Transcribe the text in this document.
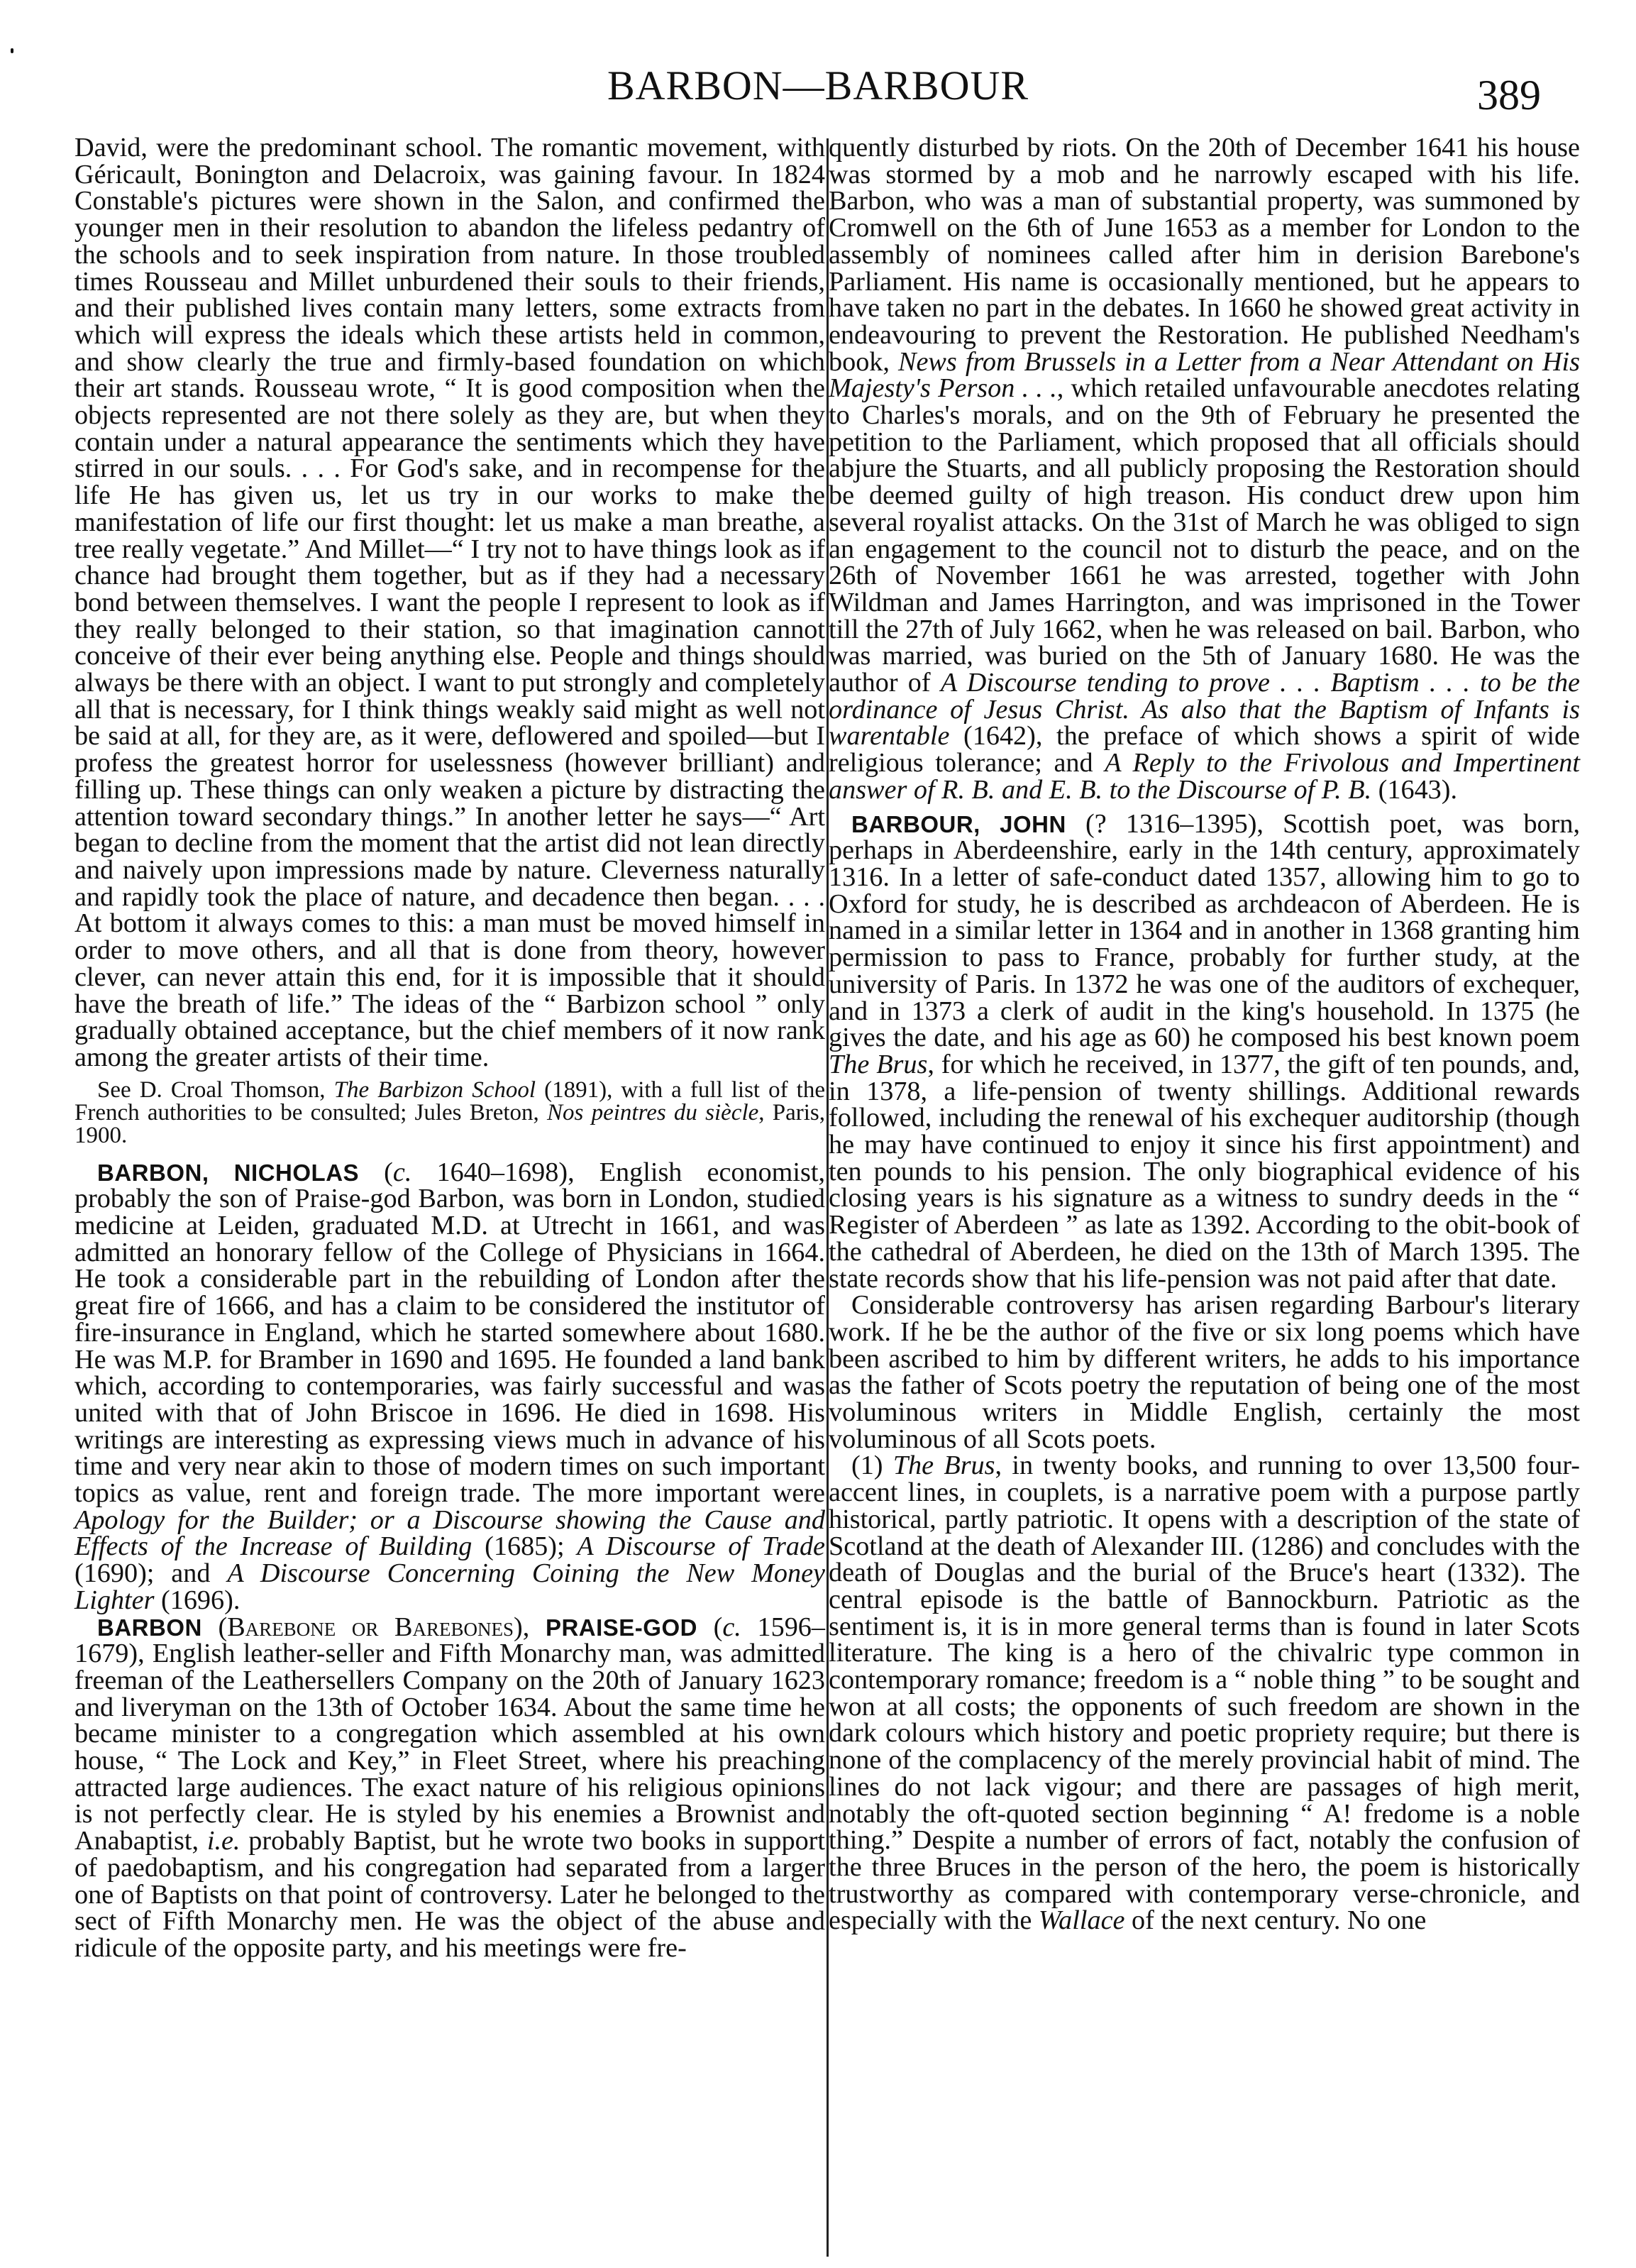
BARBON—BARBOUR	389

David, were the predominant school. The romantic movement, with Géricault, Bonington and Delacroix, was gaining favour. In 1824 Constable's pictures were shown in the Salon, and confirmed the younger men in their resolution to abandon the lifeless pedantry of the schools and to seek inspiration from nature. In those troubled times Rousseau and Millet unburdened their souls to their friends, and their published lives contain many letters, some extracts from which will express the ideals which these artists held in common, and show clearly the true and firmly-based foundation on which their art stands. Rousseau wrote, “ It is good composition when the objects represented are not there solely as they are, but when they contain under a natural appearance the sentiments which they have stirred in our souls. . . . For God's sake, and in recompense for the life He has given us, let us try in our works to make the manifestation of life our first thought: let us make a man breathe, a tree really vegetate.” And Millet—“ I try not to have things look as if chance had brought them together, but as if they had a necessary bond between themselves. I want the people I represent to look as if they really belonged to their station, so that imagination cannot conceive of their ever being anything else. People and things should always be there with an object. I want to put strongly and completely all that is necessary, for I think things weakly said might as well not be said at all, for they are, as it were, deflowered and spoiled—but I profess the greatest horror for uselessness (however brilliant) and filling up. These things can only weaken a picture by distracting the attention toward secondary things.” In another letter he says—“ Art began to decline from the moment that the artist did not lean directly and naively upon impressions made by nature. Cleverness naturally and rapidly took the place of nature, and decadence then began. . . . At bottom it always comes to this: a man must be moved himself in order to move others, and all that is done from theory, however clever, can never attain this end, for it is impossible that it should have the breath of life.” The ideas of the “ Barbizon school ” only gradually obtained acceptance, but the chief members of it now rank among the greater artists of their time.

See D. Croal Thomson, The Barbizon School (1891), with a full list of the French authorities to be consulted; Jules Breton, Nos peintres du siècle, Paris, 1900.

BARBON, NICHOLAS (c. 1640–1698), English economist, probably the son of Praise-god Barbon, was born in London, studied medicine at Leiden, graduated M.D. at Utrecht in 1661, and was admitted an honorary fellow of the College of Physicians in 1664. He took a considerable part in the rebuilding of London after the great fire of 1666, and has a claim to be considered the institutor of fire-insurance in England, which he started somewhere about 1680. He was M.P. for Bramber in 1690 and 1695. He founded a land bank which, according to contemporaries, was fairly successful and was united with that of John Briscoe in 1696. He died in 1698. His writings are interesting as expressing views much in advance of his time and very near akin to those of modern times on such important topics as value, rent and foreign trade. The more important were Apology for the Builder; or a Discourse showing the Cause and Effects of the Increase of Building (1685); A Discourse of Trade (1690); and A Discourse Concerning Coining the New Money Lighter (1696).

BARBON (Barebone or Barebones), PRAISE-GOD (c. 1596–1679), English leather-seller and Fifth Monarchy man, was admitted freeman of the Leathersellers Company on the 20th of January 1623 and liveryman on the 13th of October 1634. About the same time he became minister to a congregation which assembled at his own house, “ The Lock and Key,” in Fleet Street, where his preaching attracted large audiences. The exact nature of his religious opinions is not perfectly clear. He is styled by his enemies a Brownist and Anabaptist, i.e. probably Baptist, but he wrote two books in support of paedobaptism, and his congregation had separated from a larger one of Baptists on that point of controversy. Later he belonged to the sect of Fifth Monarchy men. He was the object of the abuse and ridicule of the opposite party, and his meetings were fre-

quently disturbed by riots. On the 20th of December 1641 his house was stormed by a mob and he narrowly escaped with his life. Barbon, who was a man of substantial property, was summoned by Cromwell on the 6th of June 1653 as a member for London to the assembly of nominees called after him in derision Barebone's Parliament. His name is occasionally mentioned, but he appears to have taken no part in the debates. In 1660 he showed great activity in endeavouring to prevent the Restoration. He published Needham's book, News from Brussels in a Letter from a Near Attendant on His Majesty's Person . . ., which retailed unfavourable anecdotes relating to Charles's morals, and on the 9th of February he presented the petition to the Parliament, which proposed that all officials should abjure the Stuarts, and all publicly proposing the Restoration should be deemed guilty of high treason. His conduct drew upon him several royalist attacks. On the 31st of March he was obliged to sign an engagement to the council not to disturb the peace, and on the 26th of November 1661 he was arrested, together with John Wildman and James Harrington, and was imprisoned in the Tower till the 27th of July 1662, when he was released on bail. Barbon, who was married, was buried on the 5th of January 1680. He was the author of A Discourse tending to prove . . . Baptism . . . to be the ordinance of Jesus Christ. As also that the Baptism of Infants is warentable (1642), the preface of which shows a spirit of wide religious tolerance; and A Reply to the Frivolous and Impertinent answer of R. B. and E. B. to the Discourse of P. B. (1643).

BARBOUR, JOHN (? 1316–1395), Scottish poet, was born, perhaps in Aberdeenshire, early in the 14th century, approximately 1316. In a letter of safe-conduct dated 1357, allowing him to go to Oxford for study, he is described as archdeacon of Aberdeen. He is named in a similar letter in 1364 and in another in 1368 granting him permission to pass to France, probably for further study, at the university of Paris. In 1372 he was one of the auditors of exchequer, and in 1373 a clerk of audit in the king's household. In 1375 (he gives the date, and his age as 60) he composed his best known poem The Brus, for which he received, in 1377, the gift of ten pounds, and, in 1378, a life-pension of twenty shillings. Additional rewards followed, including the renewal of his exchequer auditorship (though he may have continued to enjoy it since his first appointment) and ten pounds to his pension. The only biographical evidence of his closing years is his signature as a witness to sundry deeds in the “ Register of Aberdeen ” as late as 1392. According to the obit-book of the cathedral of Aberdeen, he died on the 13th of March 1395. The state records show that his life-pension was not paid after that date.

Considerable controversy has arisen regarding Barbour's literary work. If he be the author of the five or six long poems which have been ascribed to him by different writers, he adds to his importance as the father of Scots poetry the reputation of being one of the most voluminous writers in Middle English, certainly the most voluminous of all Scots poets.

(1) The Brus, in twenty books, and running to over 13,500 four-accent lines, in couplets, is a narrative poem with a purpose partly historical, partly patriotic. It opens with a description of the state of Scotland at the death of Alexander III. (1286) and concludes with the death of Douglas and the burial of the Bruce's heart (1332). The central episode is the battle of Bannockburn. Patriotic as the sentiment is, it is in more general terms than is found in later Scots literature. The king is a hero of the chivalric type common in contemporary romance; freedom is a “ noble thing ” to be sought and won at all costs; the opponents of such freedom are shown in the dark colours which history and poetic propriety require; but there is none of the complacency of the merely provincial habit of mind. The lines do not lack vigour; and there are passages of high merit, notably the oft-quoted section beginning “ A! fredome is a noble thing.” Despite a number of errors of fact, notably the confusion of the three Bruces in the person of the hero, the poem is historically trustworthy as compared with contemporary verse-chronicle, and especially with the Wallace of the next century. No one
